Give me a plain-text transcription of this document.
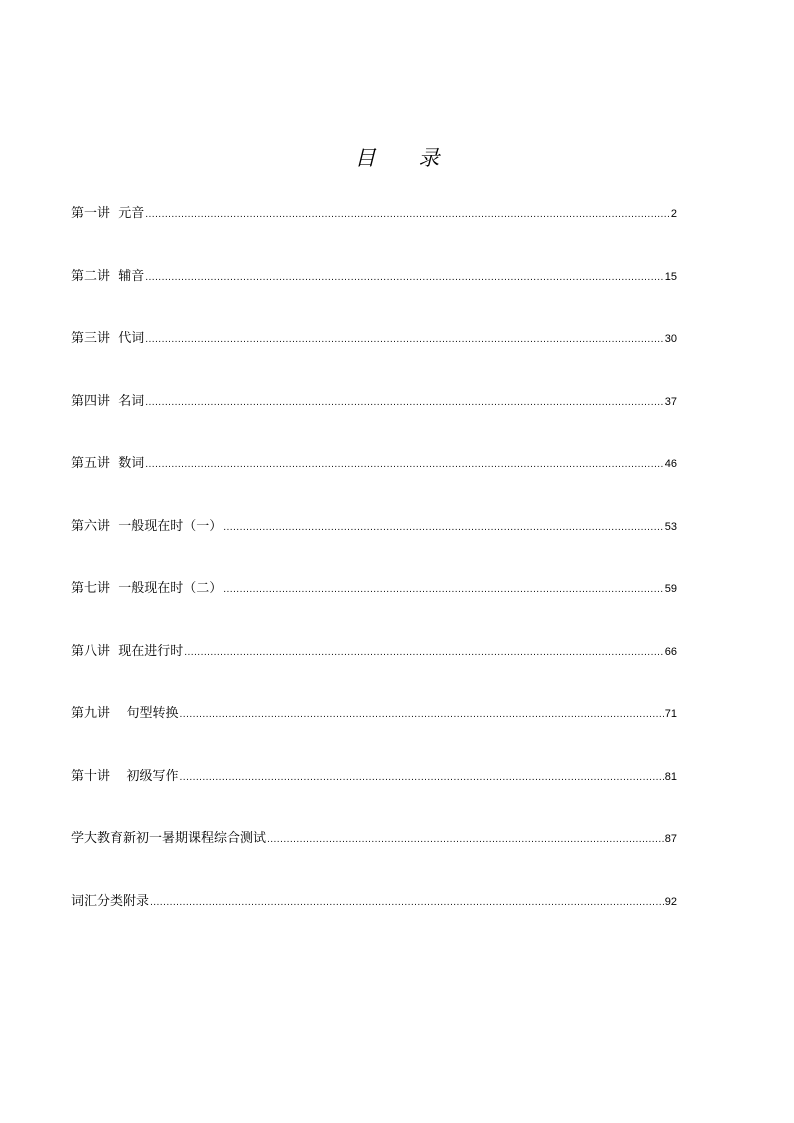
目 录
第一讲  元音 .....	2
第二讲  辅音 .....	15
第三讲  代词 .....	30
第四讲  名词 .....	37
第五讲  数词 .....	46
第六讲  一般现在时（一） .....	53
第七讲  一般现在时（二） .....	59
第八讲  现在进行时 .....	66
第九讲    句型转换 .....	71
第十讲    初级写作 .....	81
学大教育新初一暑期课程综合测试 .....	87
词汇分类附录 .....	92
